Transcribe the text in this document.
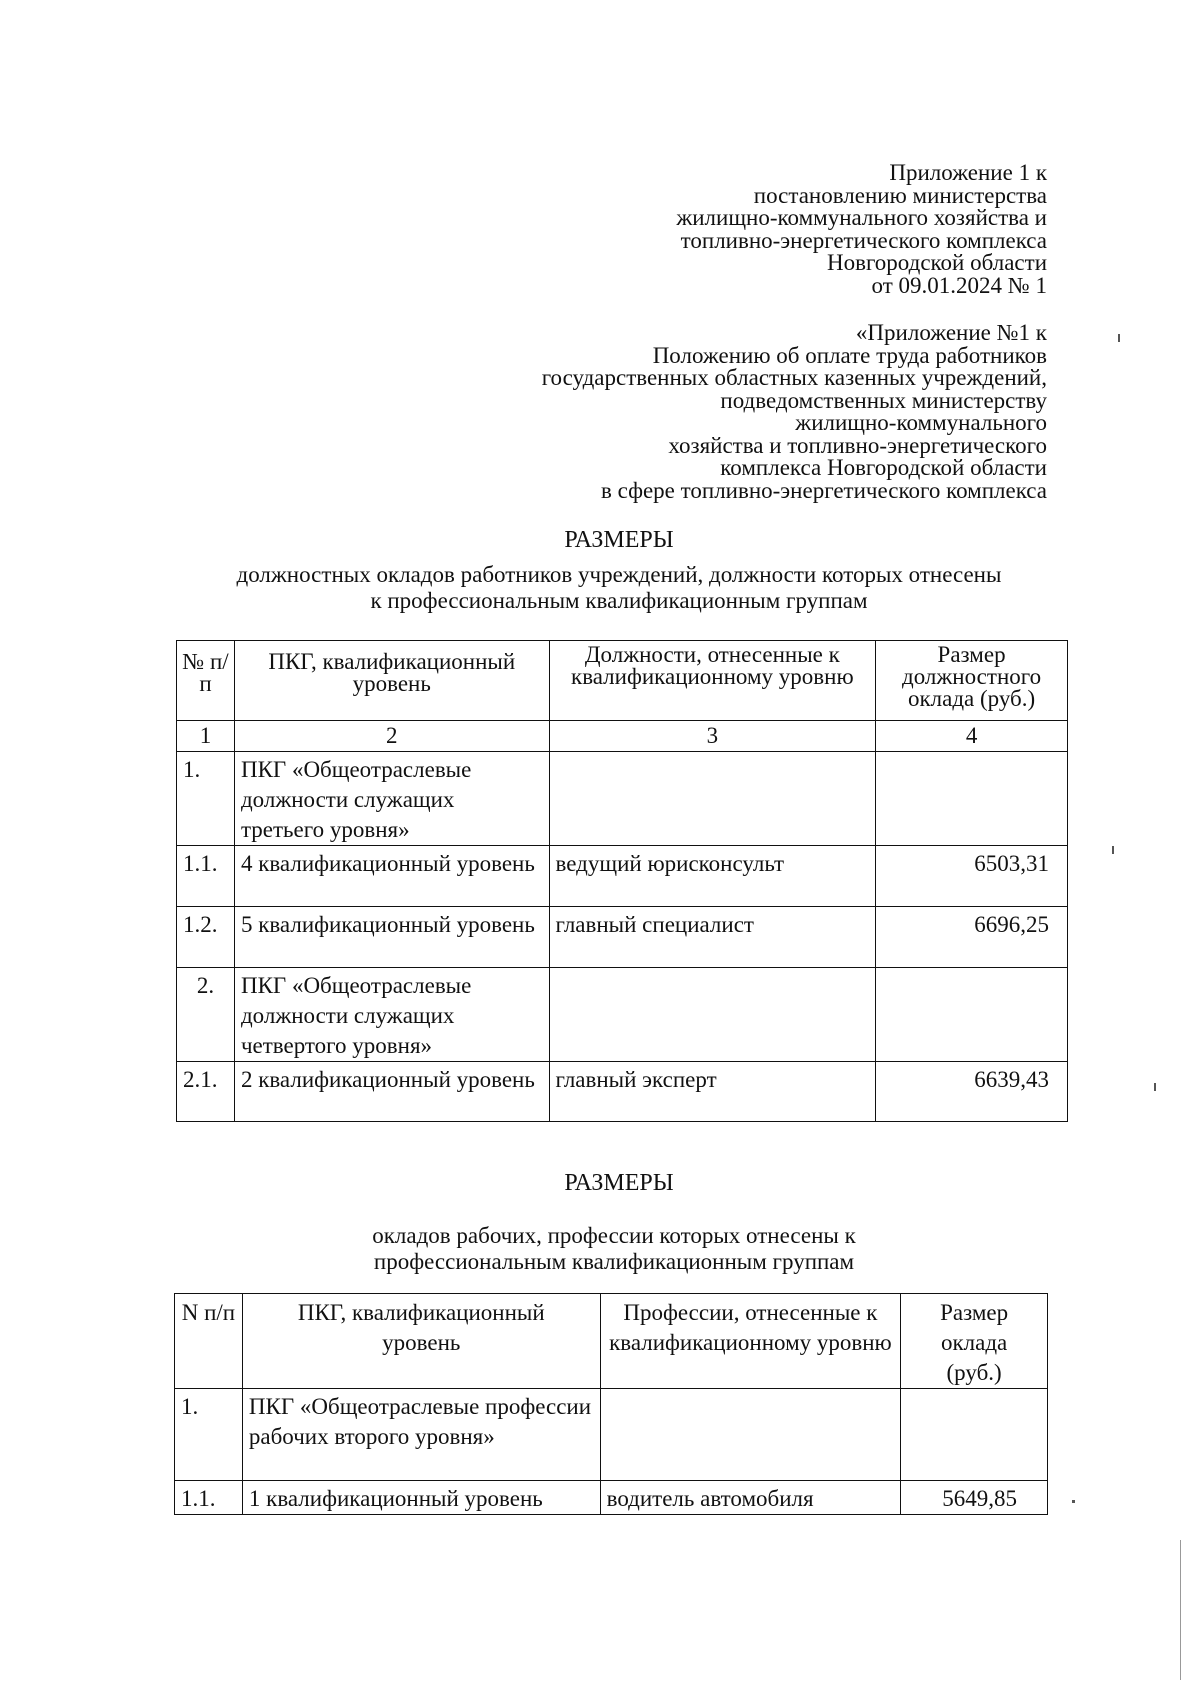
Приложение 1 к
постановлению министерства
жилищно-коммунального хозяйства и
топливно-энергетического комплекса
Новгородской области
от 09.01.2024 № 1
«Приложение №1 к
Положению об оплате труда работников
государственных областных казенных учреждений,
подведомственных министерству
жилищно-коммунального
хозяйства и топливно-энергетического
комплекса Новгородской области
в сфере топливно-энергетического комплекса
РАЗМЕРЫ
должностных окладов работников учреждений, должности которых отнесены
к профессиональным квалификационным группам
№ п/п	ПКГ, квалификационный уровень	Должности, отнесенные к квалификационному уровню	Размер должностного оклада (руб.)
1	2	3	4
1.	ПКГ «Общеотраслевые должности служащих третьего уровня»		
1.1.	4 квалификационный уровень	ведущий юрисконсульт	6503,31
1.2.	5 квалификационный уровень	главный специалист	6696,25
2.	ПКГ «Общеотраслевые должности служащих четвертого уровня»		
2.1.	2 квалификационный уровень	главный эксперт	6639,43
РАЗМЕРЫ
окладов рабочих, профессии которых отнесены к
профессиональным квалификационным группам
N п/п	ПКГ, квалификационный уровень	Профессии, отнесенные к квалификационному уровню	Размер оклада (руб.)
1.	ПКГ «Общеотраслевые профессии рабочих второго уровня»		
1.1.	1 квалификационный уровень	водитель автомобиля	5649,85
